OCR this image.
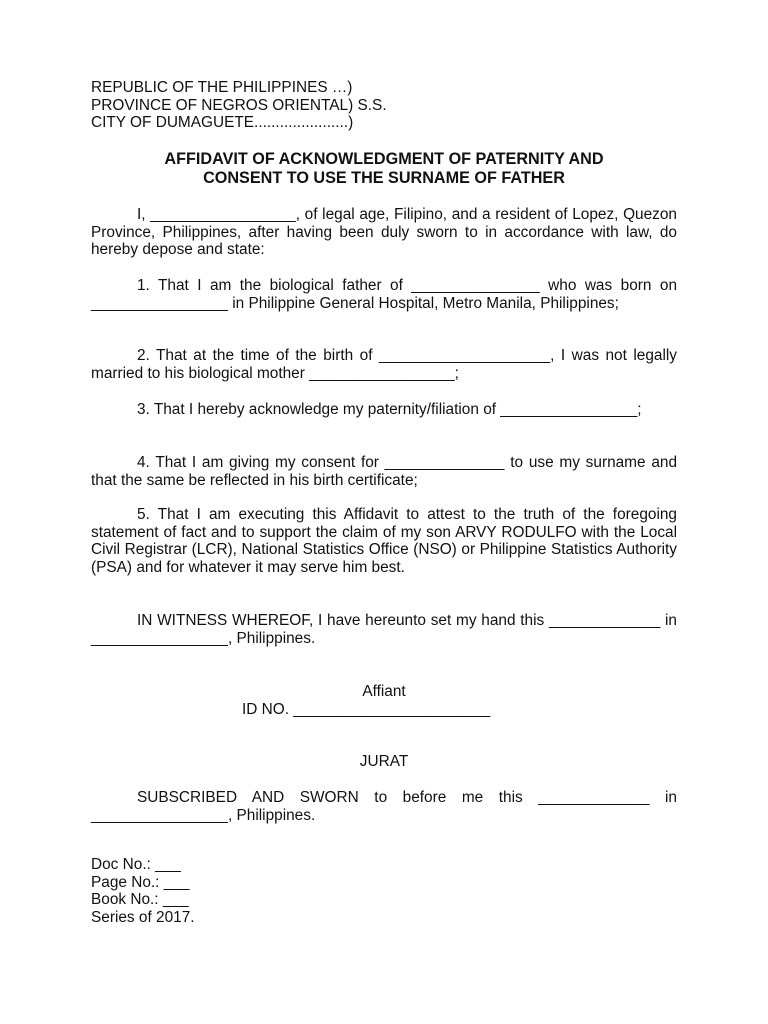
REPUBLIC OF THE PHILIPPINES …)
PROVINCE OF NEGROS ORIENTAL) S.S.
CITY OF DUMAGUETE......................)
AFFIDAVIT OF ACKNOWLEDGMENT OF PATERNITY AND
CONSENT TO USE THE SURNAME OF FATHER

I, _________________, of legal age, Filipino, and a resident of Lopez, Quezon Province, Philippines, after having been duly sworn to in accordance with law, do hereby depose and state:

1. That I am the biological father of _______________ who was born on ________________ in Philippine General Hospital, Metro Manila, Philippines;

2. That at the time of the birth of ____________________, I was not legally married to his biological mother _________________;

3. That I hereby acknowledge my paternity/filiation of ________________;

4. That I am giving my consent for ______________ to use my surname and that the same be reflected in his birth certificate;

5. That I am executing this Affidavit to attest to the truth of the foregoing statement of fact and to support the claim of my son ARVY RODULFO with the Local Civil Registrar (LCR), National Statistics Office (NSO) or Philippine Statistics Authority (PSA) and for whatever it may serve him best.

IN WITNESS WHEREOF, I have hereunto set my hand this _____________ in ________________, Philippines.

Affiant

ID NO. _______________________

JURAT

SUBSCRIBED AND SWORN to before me this _____________ in ________________, Philippines.

Doc No.: ___
Page No.: ___
Book No.: ___
Series of 2017.
